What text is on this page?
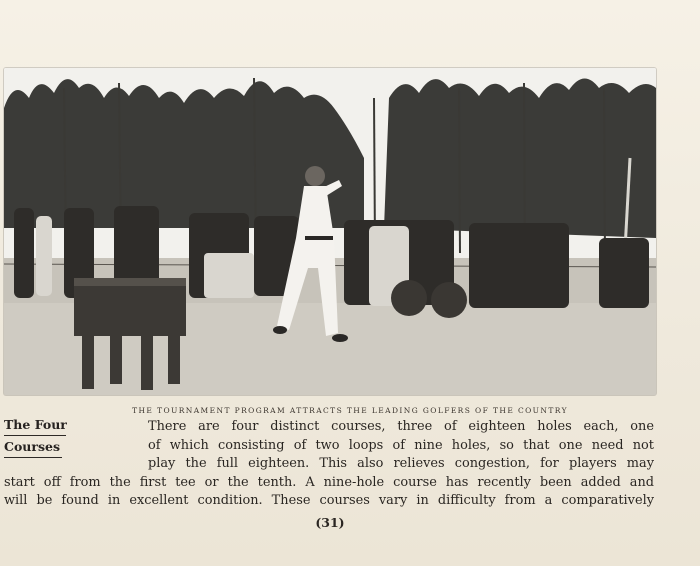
THE TOURNAMENT PROGRAM ATTRACTS THE LEADING GOLFERS OF THE COUNTRY
The Four
Courses
There are four distinct courses, three of eighteen holes each, one
of which consisting of two loops of nine holes, so that one need not
play the full eighteen. This also relieves congestion, for players may
start off from the first tee or the tenth. A nine-hole course has recently been added and
will be found in excellent condition. These courses vary in difficulty from a comparatively
(31)
